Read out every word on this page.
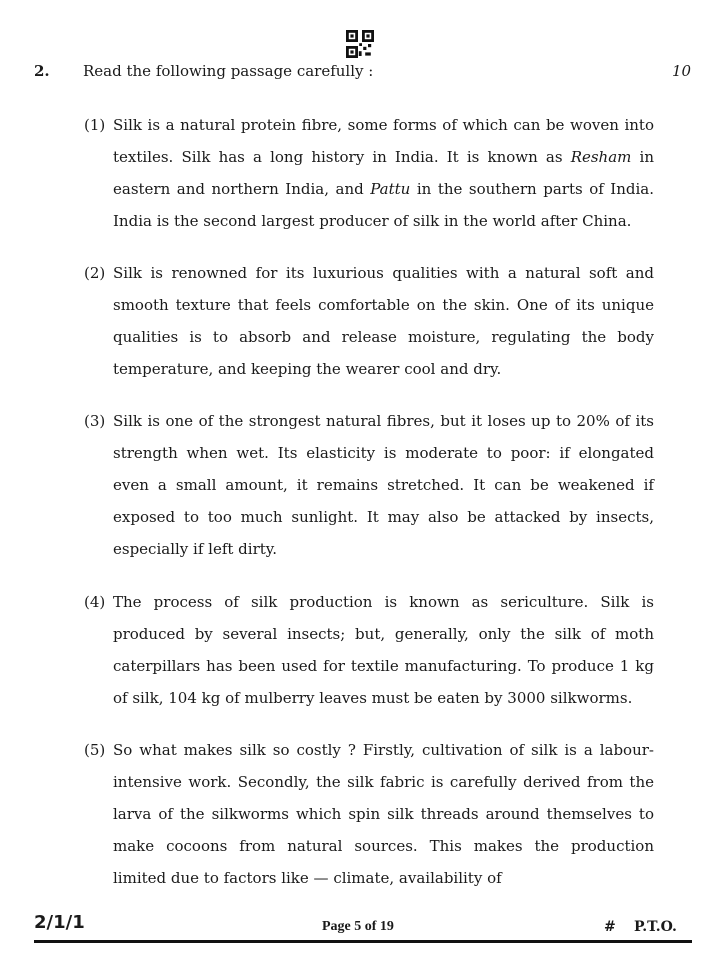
2. Read the following passage carefully :	10
(1) Silk is a natural protein fibre, some forms of which can be woven into textiles. Silk has a long history in India. It is known as Resham in eastern and northern India, and Pattu in the southern parts of India. India is the second largest producer of silk in the world after China.
(2) Silk is renowned for its luxurious qualities with a natural soft and smooth texture that feels comfortable on the skin. One of its unique qualities is to absorb and release moisture, regulating the body temperature, and keeping the wearer cool and dry.
(3) Silk is one of the strongest natural fibres, but it loses up to 20% of its strength when wet. Its elasticity is moderate to poor: if elongated even a small amount, it remains stretched. It can be weakened if exposed to too much sunlight. It may also be attacked by insects, especially if left dirty.
(4) The process of silk production is known as sericulture. Silk is produced by several insects; but, generally, only the silk of moth caterpillars has been used for textile manufacturing. To produce 1 kg of silk, 104 kg of mulberry leaves must be eaten by 3000 silkworms.
(5) So what makes silk so costly ? Firstly, cultivation of silk is a labour-intensive work. Secondly, the silk fabric is carefully derived from the larva of the silkworms which spin silk threads around themselves to make cocoons from natural sources. This makes the production limited due to factors like — climate, availability of
2/1/1	Page 5 of 19	# P.T.O.
